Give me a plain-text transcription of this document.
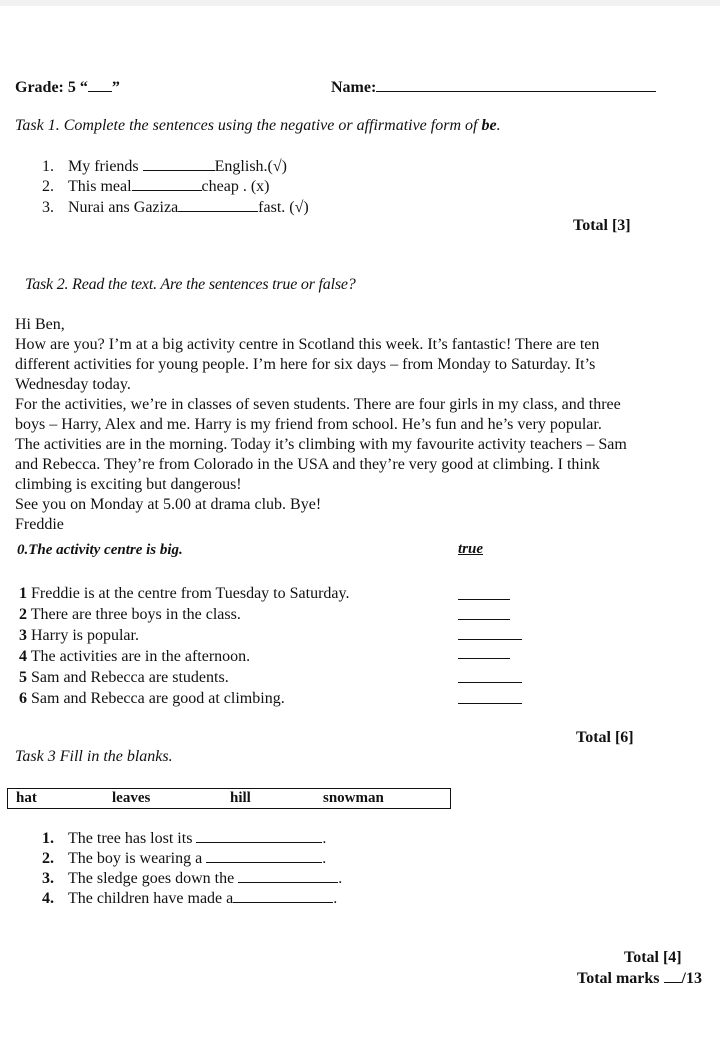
Grade: 5 “ ”	Name:
Task 1. Complete the sentences using the negative or affirmative form of be.
1. My friends	English.(√)
2. This meal	cheap . (x)
3. Nurai ans Gaziza	fast. (√)
Total [3]
Task 2. Read the text. Are the sentences true or false?
Hi Ben,
How are you? I’m at a big activity centre in Scotland this week. It’s fantastic! There are ten
different activities for young people. I’m here for six days – from Monday to Saturday. It’s
Wednesday today.
For the activities, we’re in classes of seven students. There are four girls in my class, and three
boys – Harry, Alex and me. Harry is my friend from school. He’s fun and he’s very popular.
The activities are in the morning. Today it’s climbing with my favourite activity teachers – Sam
and Rebecca. They’re from Colorado in the USA and they’re very good at climbing. I think
climbing is exciting but dangerous!
See you on Monday at 5.00 at drama club. Bye!
Freddie
0.The activity centre is big.	true
1 Freddie is at the centre from Tuesday to Saturday.
2 There are three boys in the class.
3 Harry is popular.
4 The activities are in the afternoon.
5 Sam and Rebecca are students.
6 Sam and Rebecca are good at climbing.
Total [6]
Task 3 Fill in the blanks.
hat	leaves	hill	snowman
1. The tree has lost its	.
2. The boy is wearing a	.
3. The sledge goes down the	.
4. The children have made a	.
Total [4]
Total marks /13
